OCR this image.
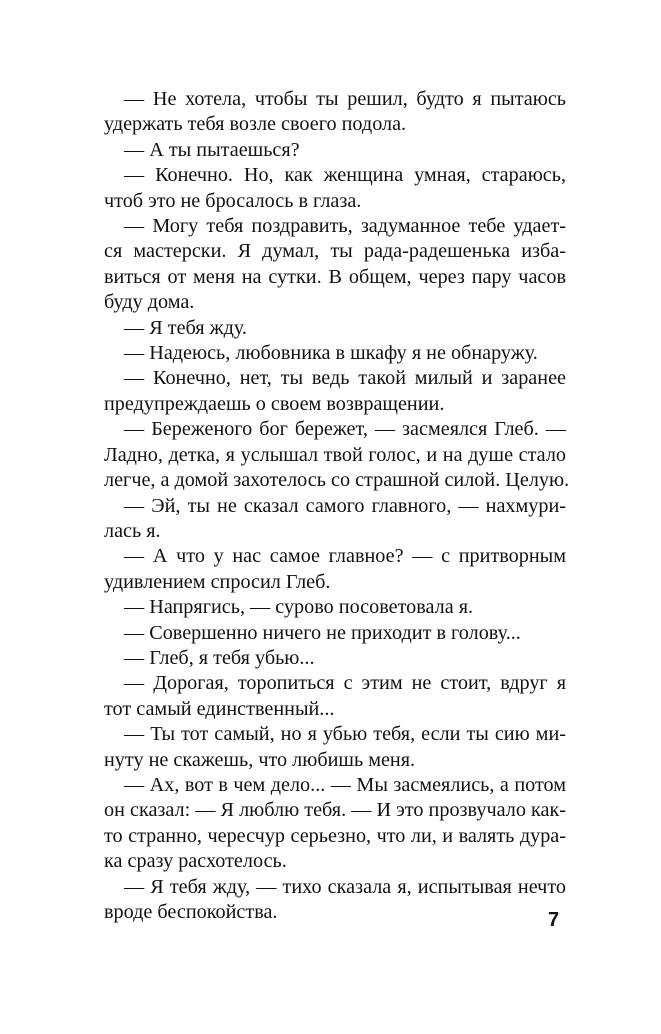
— Не хотела, чтобы ты решил, будто я пытаюсь
удержать тебя возле своего подола.
— А ты пытаешься?
— Конечно. Но, как женщина умная, стараюсь,
чтоб это не бросалось в глаза.
— Могу тебя поздравить, задуманное тебе удает-
ся мастерски. Я думал, ты рада-радешенька изба-
виться от меня на сутки. В общем, через пару часов
буду дома.
— Я тебя жду.
— Надеюсь, любовника в шкафу я не обнаружу.
— Конечно, нет, ты ведь такой милый и заранее
предупреждаешь о своем возвращении.
— Береженого бог бережет, — засмеялся Глеб. —
Ладно, детка, я услышал твой голос, и на душе стало
легче, а домой захотелось со страшной силой. Целую.
— Эй, ты не сказал самого главного, — нахмури-
лась я.
— А что у нас самое главное? — с притворным
удивлением спросил Глеб.
— Напрягись, — сурово посоветовала я.
— Совершенно ничего не приходит в голову...
— Глеб, я тебя убью...
— Дорогая, торопиться с этим не стоит, вдруг я
тот самый единственный...
— Ты тот самый, но я убью тебя, если ты сию ми-
нуту не скажешь, что любишь меня.
— Ах, вот в чем дело... — Мы засмеялись, а потом
он сказал: — Я люблю тебя. — И это прозвучало как-
то странно, чересчур серьезно, что ли, и валять дура-
ка сразу расхотелось.
— Я тебя жду, — тихо сказала я, испытывая нечто
вроде беспокойства.	7
